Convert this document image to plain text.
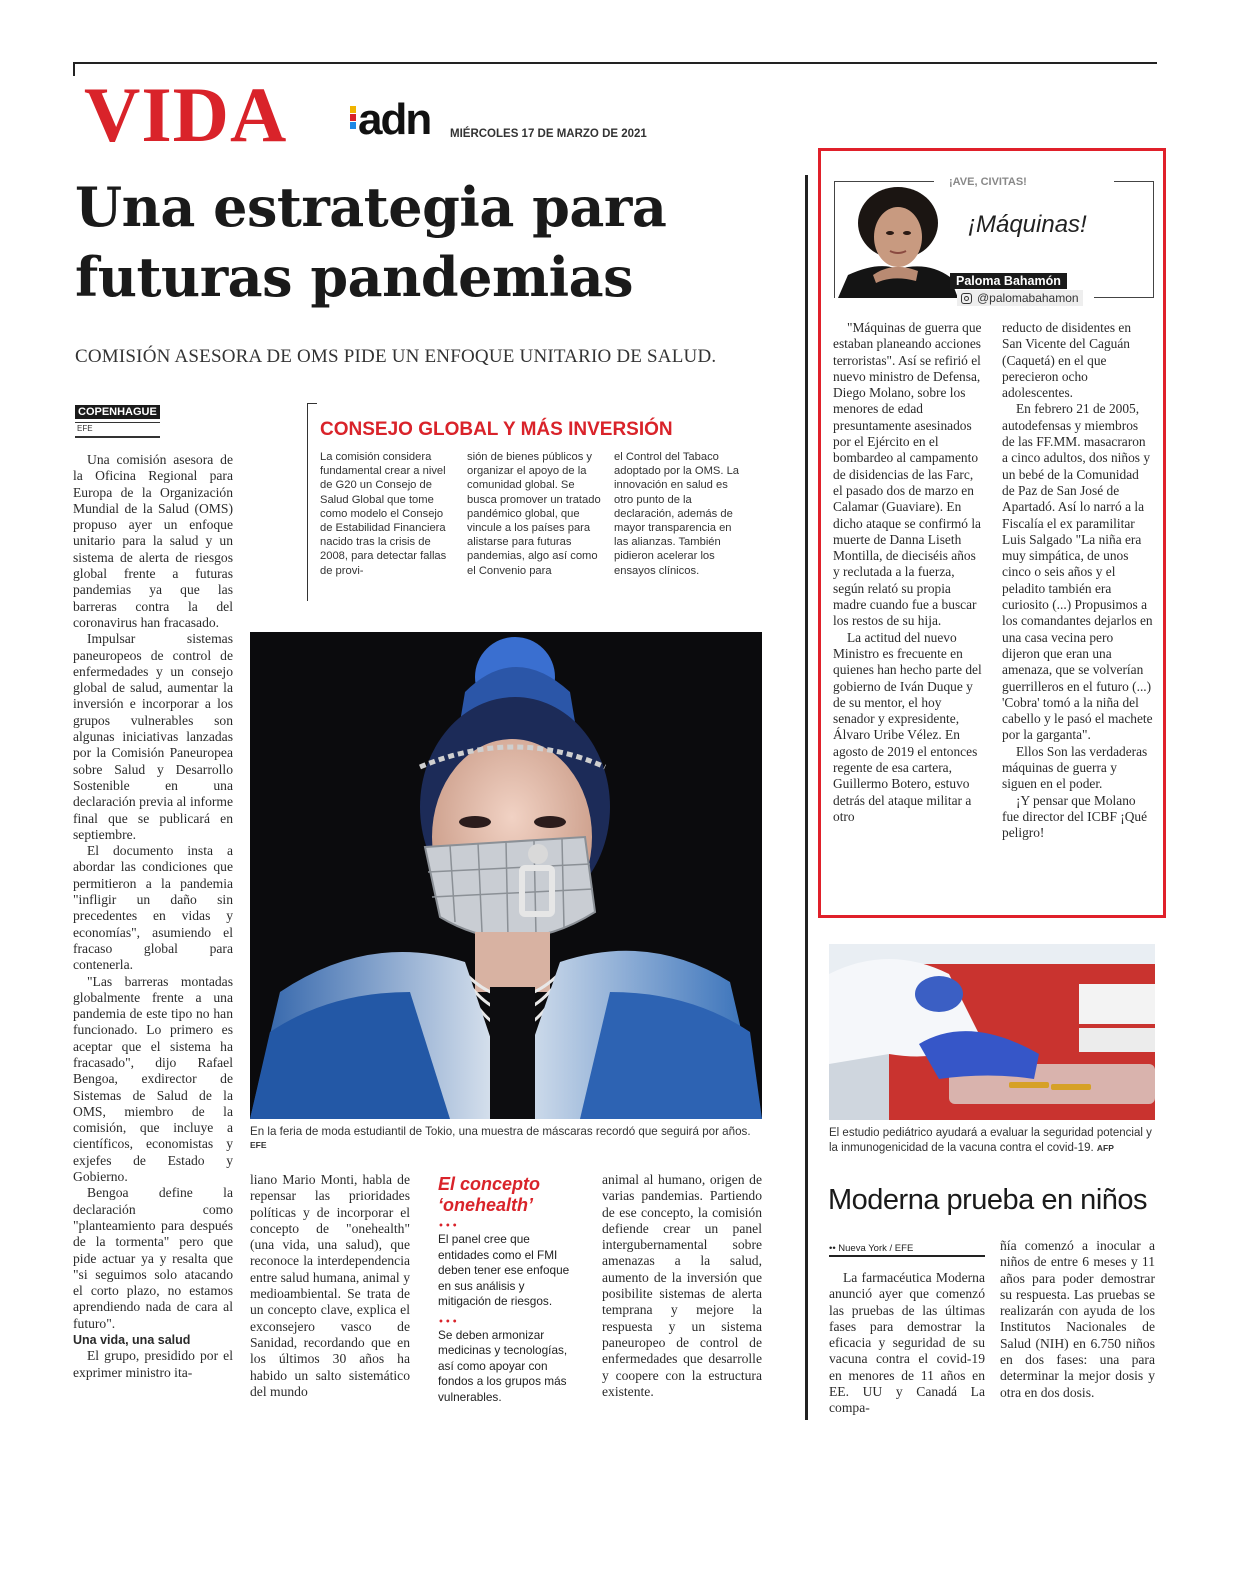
VIDA adn MIÉRCOLES 17 DE MARZO DE 2021
Una estrategia para
futuras pandemias
COMISIÓN ASESORA DE OMS PIDE UN ENFOQUE UNITARIO DE SALUD.
COPENHAGUE
EFE

Una comisión asesora de la Oficina Regional para Europa de la Organización Mundial de la Salud (OMS) propuso ayer un enfoque unitario para la salud y un sistema de alerta de riesgos global frente a futuras pandemias ya que las barreras contra la del coronavirus han fracasado.

Impulsar sistemas paneuropeos de control de enfermedades y un consejo global de salud, aumentar la inversión e incorporar a los grupos vulnerables son algunas iniciativas lanzadas por la Comisión Paneuropea sobre Salud y Desarrollo Sostenible en una declaración previa al informe final que se publicará en septiembre.

El documento insta a abordar las condiciones que permitieron a la pandemia "infligir un daño sin precedentes en vidas y economías", asumiendo el fracaso global para contenerla.

"Las barreras montadas globalmente frente a una pandemia de este tipo no han funcionado. Lo primero es aceptar que el sistema ha fracasado", dijo Rafael Bengoa, exdirector de Sistemas de Salud de la OMS, miembro de la comisión, que incluye a científicos, economistas y exjefes de Estado y Gobierno.

Bengoa define la declaración como "planteamiento para después de la tormenta" pero que pide actuar ya y resalta que "si seguimos solo atacando el corto plazo, no estamos aprendiendo nada de cara al futuro".

Una vida, una salud

El grupo, presidido por el exprimer ministro ita-

CONSEJO GLOBAL Y MÁS INVERSIÓN
La comisión considera fundamental crear a nivel de G20 un Consejo de Salud Global que tome como modelo el Consejo de Estabilidad Financiera nacido tras la crisis de 2008, para detectar fallas de provi-
sión de bienes públicos y organizar el apoyo de la comunidad global. Se busca promover un tratado pandémico global, que vincule a los países para alistarse para futuras pandemias, algo así como el Convenio para
el Control del Tabaco adoptado por la OMS. La innovación en salud es otro punto de la declaración, además de mayor transparencia en las alianzas. También pidieron acelerar los ensayos clínicos.
En la feria de moda estudiantil de Tokio, una muestra de máscaras recordó que seguirá por años. EFE

liano Mario Monti, habla de repensar las prioridades políticas y de incorporar el concepto de "onehealth" (una vida, una salud), que reconoce la interdependencia entre salud humana, animal y medioambiental. Se trata de un concepto clave, explica el exconsejero vasco de Sanidad, recordando que en los últimos 30 años ha habido un salto sistemático del mundo

El concepto
‘onehealth’
•••
El panel cree que entidades como el FMI deben tener ese enfoque en sus análisis y mitigación de riesgos.
•••
Se deben armonizar medicinas y tecnologías, así como apoyar con fondos a los grupos más vulnerables.

animal al humano, origen de varias pandemias. Partiendo de ese concepto, la comisión defiende crear un panel intergubernamental sobre amenazas a la salud, aumento de la inversión que posibilite sistemas de alerta temprana y mejore la respuesta y un sistema paneuropeo de control de enfermedades que desarrolle y coopere con la estructura existente.

¡AVE, CIVITAS!
¡Máquinas!
Paloma Bahamón
@palomabahamon

"Máquinas de guerra que estaban planeando acciones terroristas". Así se refirió el nuevo ministro de Defensa, Diego Molano, sobre los menores de edad presuntamente asesinados por el Ejército en el bombardeo al campamento de disidencias de las Farc, el pasado dos de marzo en Calamar (Guaviare). En dicho ataque se confirmó la muerte de Danna Liseth Montilla, de dieciséis años y reclutada a la fuerza, según relató su propia madre cuando fue a buscar los restos de su hija.

La actitud del nuevo Ministro es frecuente en quienes han hecho parte del gobierno de Iván Duque y de su mentor, el hoy senador y expresidente, Álvaro Uribe Vélez. En agosto de 2019 el entonces regente de esa cartera, Guillermo Botero, estuvo detrás del ataque militar a otro

reducto de disidentes en San Vicente del Caguán (Caquetá) en el que perecieron ocho adolescentes.

En febrero 21 de 2005, autodefensas y miembros de las FF.MM. masacraron a cinco adultos, dos niños y un bebé de la Comunidad de Paz de San José de Apartadó. Así lo narró a la Fiscalía el ex paramilitar Luis Salgado "La niña era muy simpática, de unos cinco o seis años y el peladito también era curiosito (...) Propusimos a los comandantes dejarlos en una casa vecina pero dijeron que eran una amenaza, que se volverían guerrilleros en el futuro (...) 'Cobra' tomó a la niña del cabello y le pasó el machete por la garganta".

Ellos Son las verdaderas máquinas de guerra y siguen en el poder.

¡Y pensar que Molano fue director del ICBF ¡Qué peligro!

El estudio pediátrico ayudará a evaluar la seguridad potencial y la inmunogenicidad de la vacuna contra el covid-19. AFP
Moderna prueba en niños
•• Nueva York / EFE

La farmacéutica Moderna anunció ayer que comenzó las pruebas de las últimas fases para demostrar la eficacia y seguridad de su vacuna contra el covid-19 en menores de 11 años en EE. UU y Canadá La compa-

ñía comenzó a inocular a niños de entre 6 meses y 11 años para poder demostrar su respuesta. Las pruebas se realizarán con ayuda de los Institutos Nacionales de Salud (NIH) en 6.750 niños en dos fases: una para determinar la mejor dosis y otra en dos dosis.
